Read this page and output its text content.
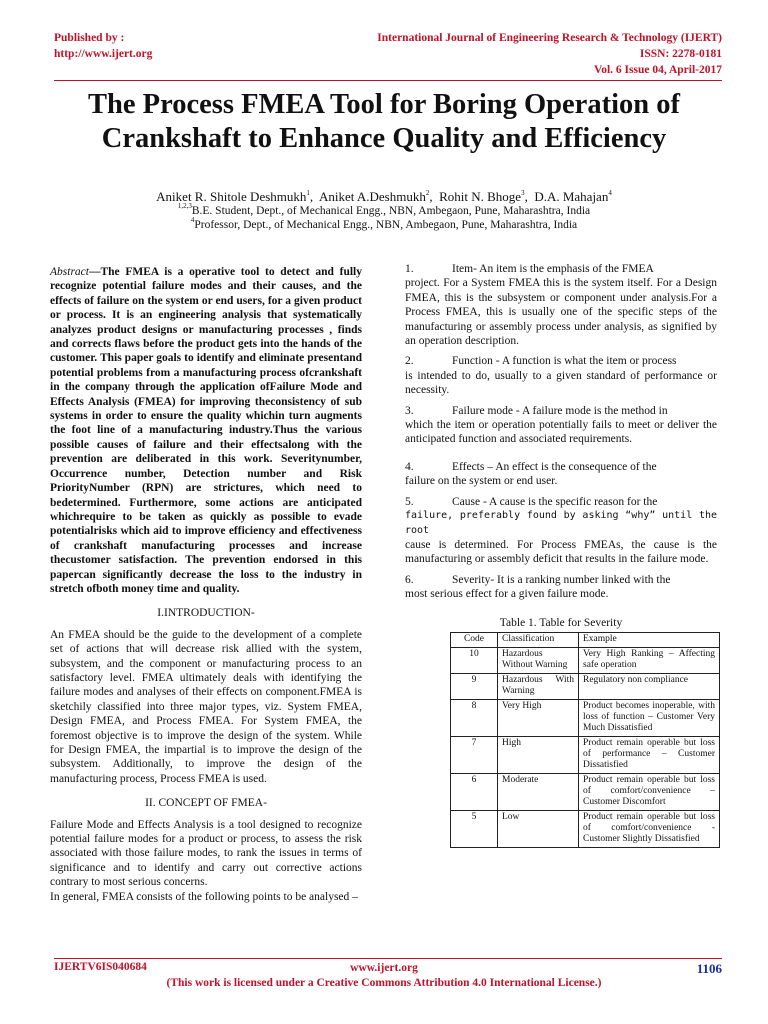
Published by :
http://www.ijert.org
International Journal of Engineering Research & Technology (IJERT)
ISSN: 2278-0181
Vol. 6 Issue 04, April-2017
The Process FMEA Tool for Boring Operation of
Crankshaft to Enhance Quality and Efficiency
Aniket R. Shitole Deshmukh$^1$,  Aniket A.Deshmukh$^2$,  Rohit N. Bhoge$^3$,  D.A. Mahajan$^4$
$^{1,2,3}$B.E. Student, Dept., of Mechanical Engg., NBN, Ambegaon, Pune, Maharashtra, India
$^4$Professor, Dept., of Mechanical Engg., NBN, Ambegaon, Pune, Maharashtra, India

Abstract—The FMEA is a operative tool to detect and fully recognize potential failure modes and their causes, and the effects of failure on the system or end users, for a given product or process. It is an engineering analysis that systematically analyzes product designs or manufacturing processes , finds and corrects flaws before the product gets into the hands of the customer. This paper goals to identify and eliminate presentand potential problems from a manufacturing process ofcrankshaft in the company through the application ofFailure Mode and Effects Analysis (FMEA) for improving theconsistency of sub systems in order to ensure the quality whichin turn augments the foot line of a manufacturing industry.Thus the various possible causes of failure and their effectsalong with the prevention are deliberated in this work. Severitynumber, Occurrence number, Detection number and Risk PriorityNumber (RPN) are strictures, which need to bedetermined. Furthermore, some actions are anticipated whichrequire to be taken as quickly as possible to evade potentialrisks which aid to improve efficiency and effectiveness of crankshaft manufacturing processes and increase thecustomer satisfaction. The prevention endorsed in this papercan significantly decrease the loss to the industry in stretch ofboth money time and quality.

I.INTRODUCTION-

An FMEA should be the guide to the development of a complete set of actions that will decrease risk allied with the system, subsystem, and the component or manufacturing process to an satisfactory level. FMEA ultimately deals with identifying the failure modes and analyses of their effects on component.FMEA is sketchily classified into three major types, viz. System FMEA, Design FMEA, and Process FMEA. For System FMEA, the foremost objective is to improve the design of the system. While for Design FMEA, the impartial is to improve the design of the subsystem. Additionally, to improve the design of the manufacturing process, Process FMEA is used.

II. CONCEPT OF FMEA-

Failure Mode and Effects Analysis is a tool designed to recognize potential failure modes for a product or process, to assess the risk associated with those failure modes, to rank the issues in terms of significance and to identify and carry out corrective actions contrary to most serious concerns.

In general, FMEA consists of the following points to be analysed –

1.	Item- An item is the emphasis of the FMEA

project. For a System FMEA this is the system itself. For a Design FMEA, this is the subsystem or component under analysis.For a Process FMEA, this is usually one of the specific steps of the manufacturing or assembly process under analysis, as signified by an operation description.

2.	Function - A function is what the item or process

is intended to do, usually to a given standard of performance or necessity.

3.	Failure mode - A failure mode is the method in

which the item or operation potentially fails to meet or deliver the anticipated function and associated requirements.

4.	Effects – An effect is the consequence of the

failure on the system or end user.

5.	Cause - A cause is the specific reason for the

failure, preferably found by asking “why” until the root

cause is determined. For Process FMEAs, the cause is the manufacturing or assembly deficit that results in the failure mode.

6.	Severity- It is a ranking number linked with the

most serious effect for a given failure mode.

Table 1. Table for Severity
Code	Classification	Example
10	Hazardous Without Warning	Very High Ranking – Affecting safe operation
9	Hazardous With Warning	Regulatory non compliance
8	Very High	Product becomes inoperable, with loss of function – Customer Very Much Dissatisfied
7	High	Product remain operable but loss of performance – Customer Dissatisfied
6	Moderate	Product remain operable but loss of comfort/convenience – Customer Discomfort
5	Low	Product remain operable but loss of comfort/convenience - Customer Slightly Dissatisfied
IJERTV6IS040684	www.ijert.org
(This work is licensed under a Creative Commons Attribution 4.0 International License.)
1106
